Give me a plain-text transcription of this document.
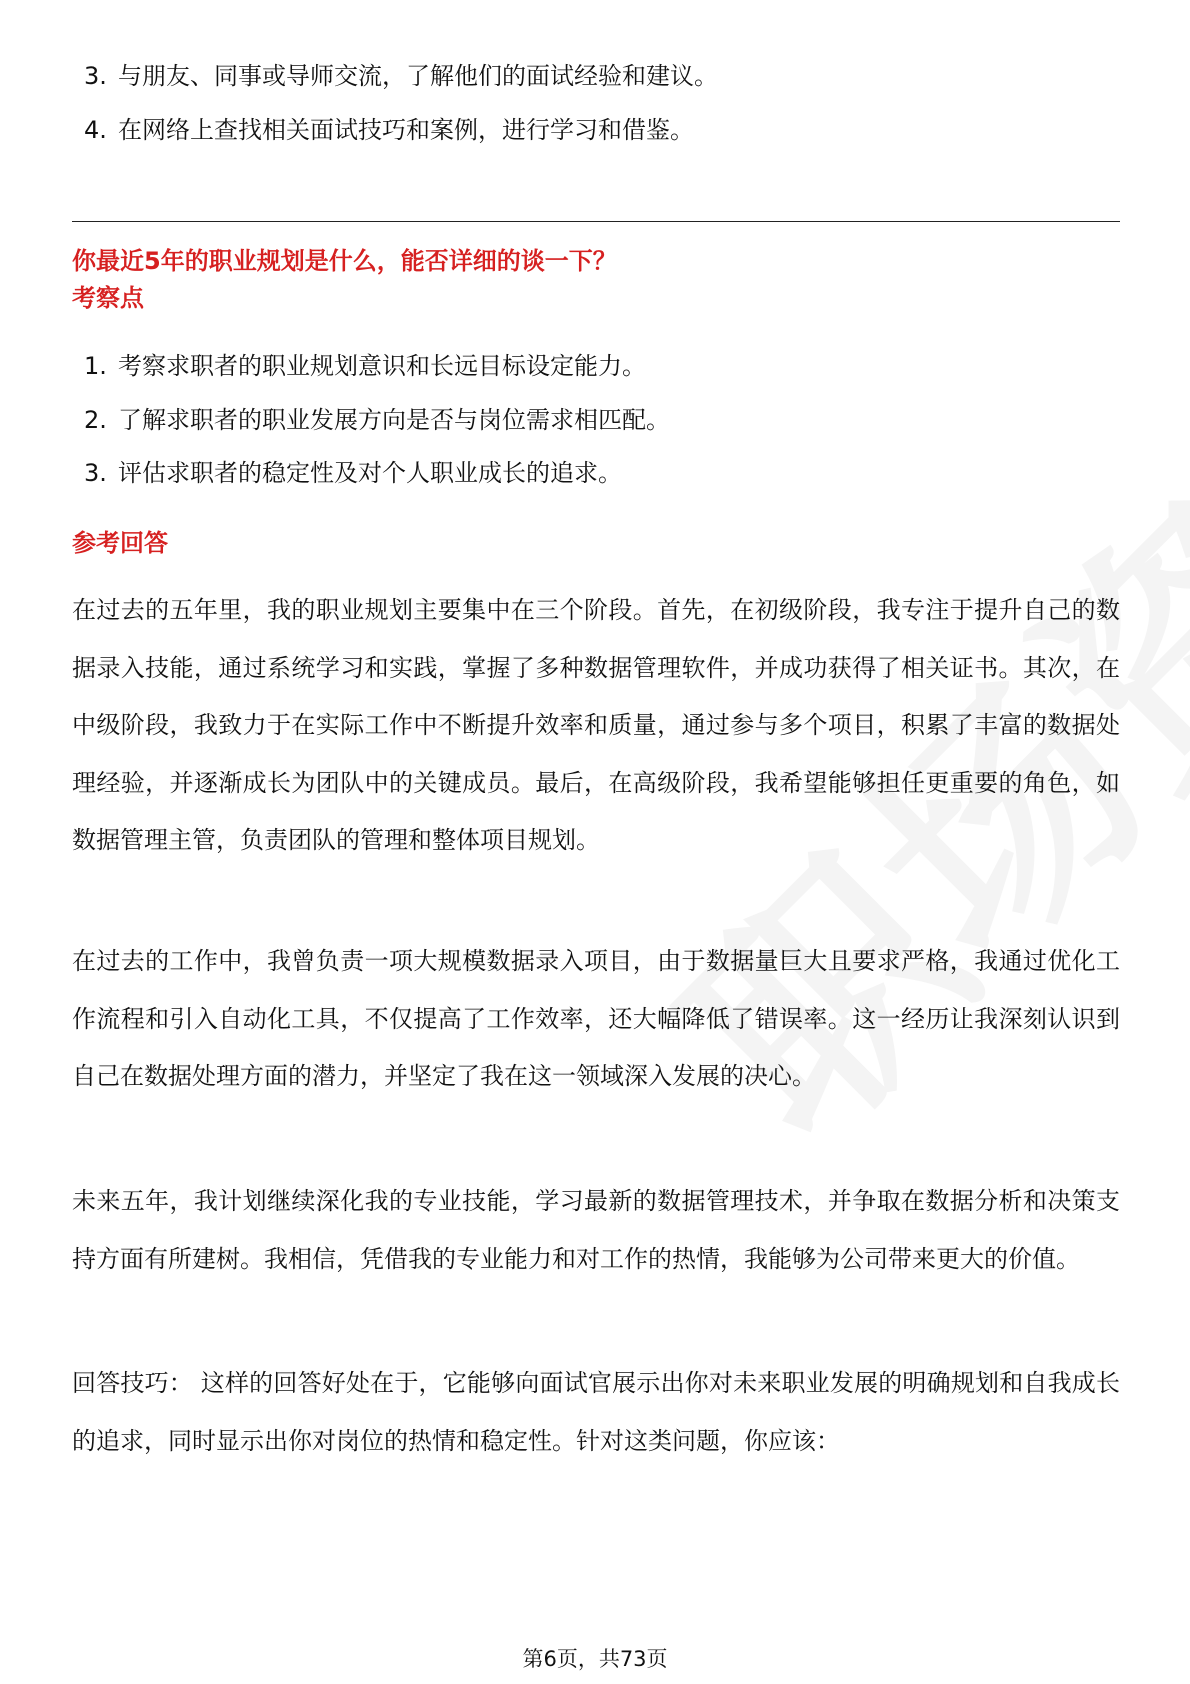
3. 与朋友、同事或导师交流，了解他们的面试经验和建议。
4. 在网络上查找相关面试技巧和案例，进行学习和借鉴。
你最近5年的职业规划是什么，能否详细的谈一下？
考察点
1. 考察求职者的职业规划意识和长远目标设定能力。
2. 了解求职者的职业发展方向是否与岗位需求相匹配。
3. 评估求职者的稳定性及对个人职业成长的追求。
参考回答
在过去的五年里，我的职业规划主要集中在三个阶段。首先，在初级阶段，我专注于提升自己的数据录入技能，通过系统学习和实践，掌握了多种数据管理软件，并成功获得了相关证书。其次，在中级阶段，我致力于在实际工作中不断提升效率和质量，通过参与多个项目，积累了丰富的数据处理经验，并逐渐成长为团队中的关键成员。最后，在高级阶段，我希望能够担任更重要的角色，如数据管理主管，负责团队的管理和整体项目规划。
在过去的工作中，我曾负责一项大规模数据录入项目，由于数据量巨大且要求严格，我通过优化工作流程和引入自动化工具，不仅提高了工作效率，还大幅降低了错误率。这一经历让我深刻认识到自己在数据处理方面的潜力，并坚定了我在这一领域深入发展的决心。
未来五年，我计划继续深化我的专业技能，学习最新的数据管理技术，并争取在数据分析和决策支持方面有所建树。我相信，凭借我的专业能力和对工作的热情，我能够为公司带来更大的价值。
回答技巧： 这样的回答好处在于，它能够向面试官展示出你对未来职业发展的明确规划和自我成长的追求，同时显示出你对岗位的热情和稳定性。针对这类问题，你应该：
第6页，共73页
